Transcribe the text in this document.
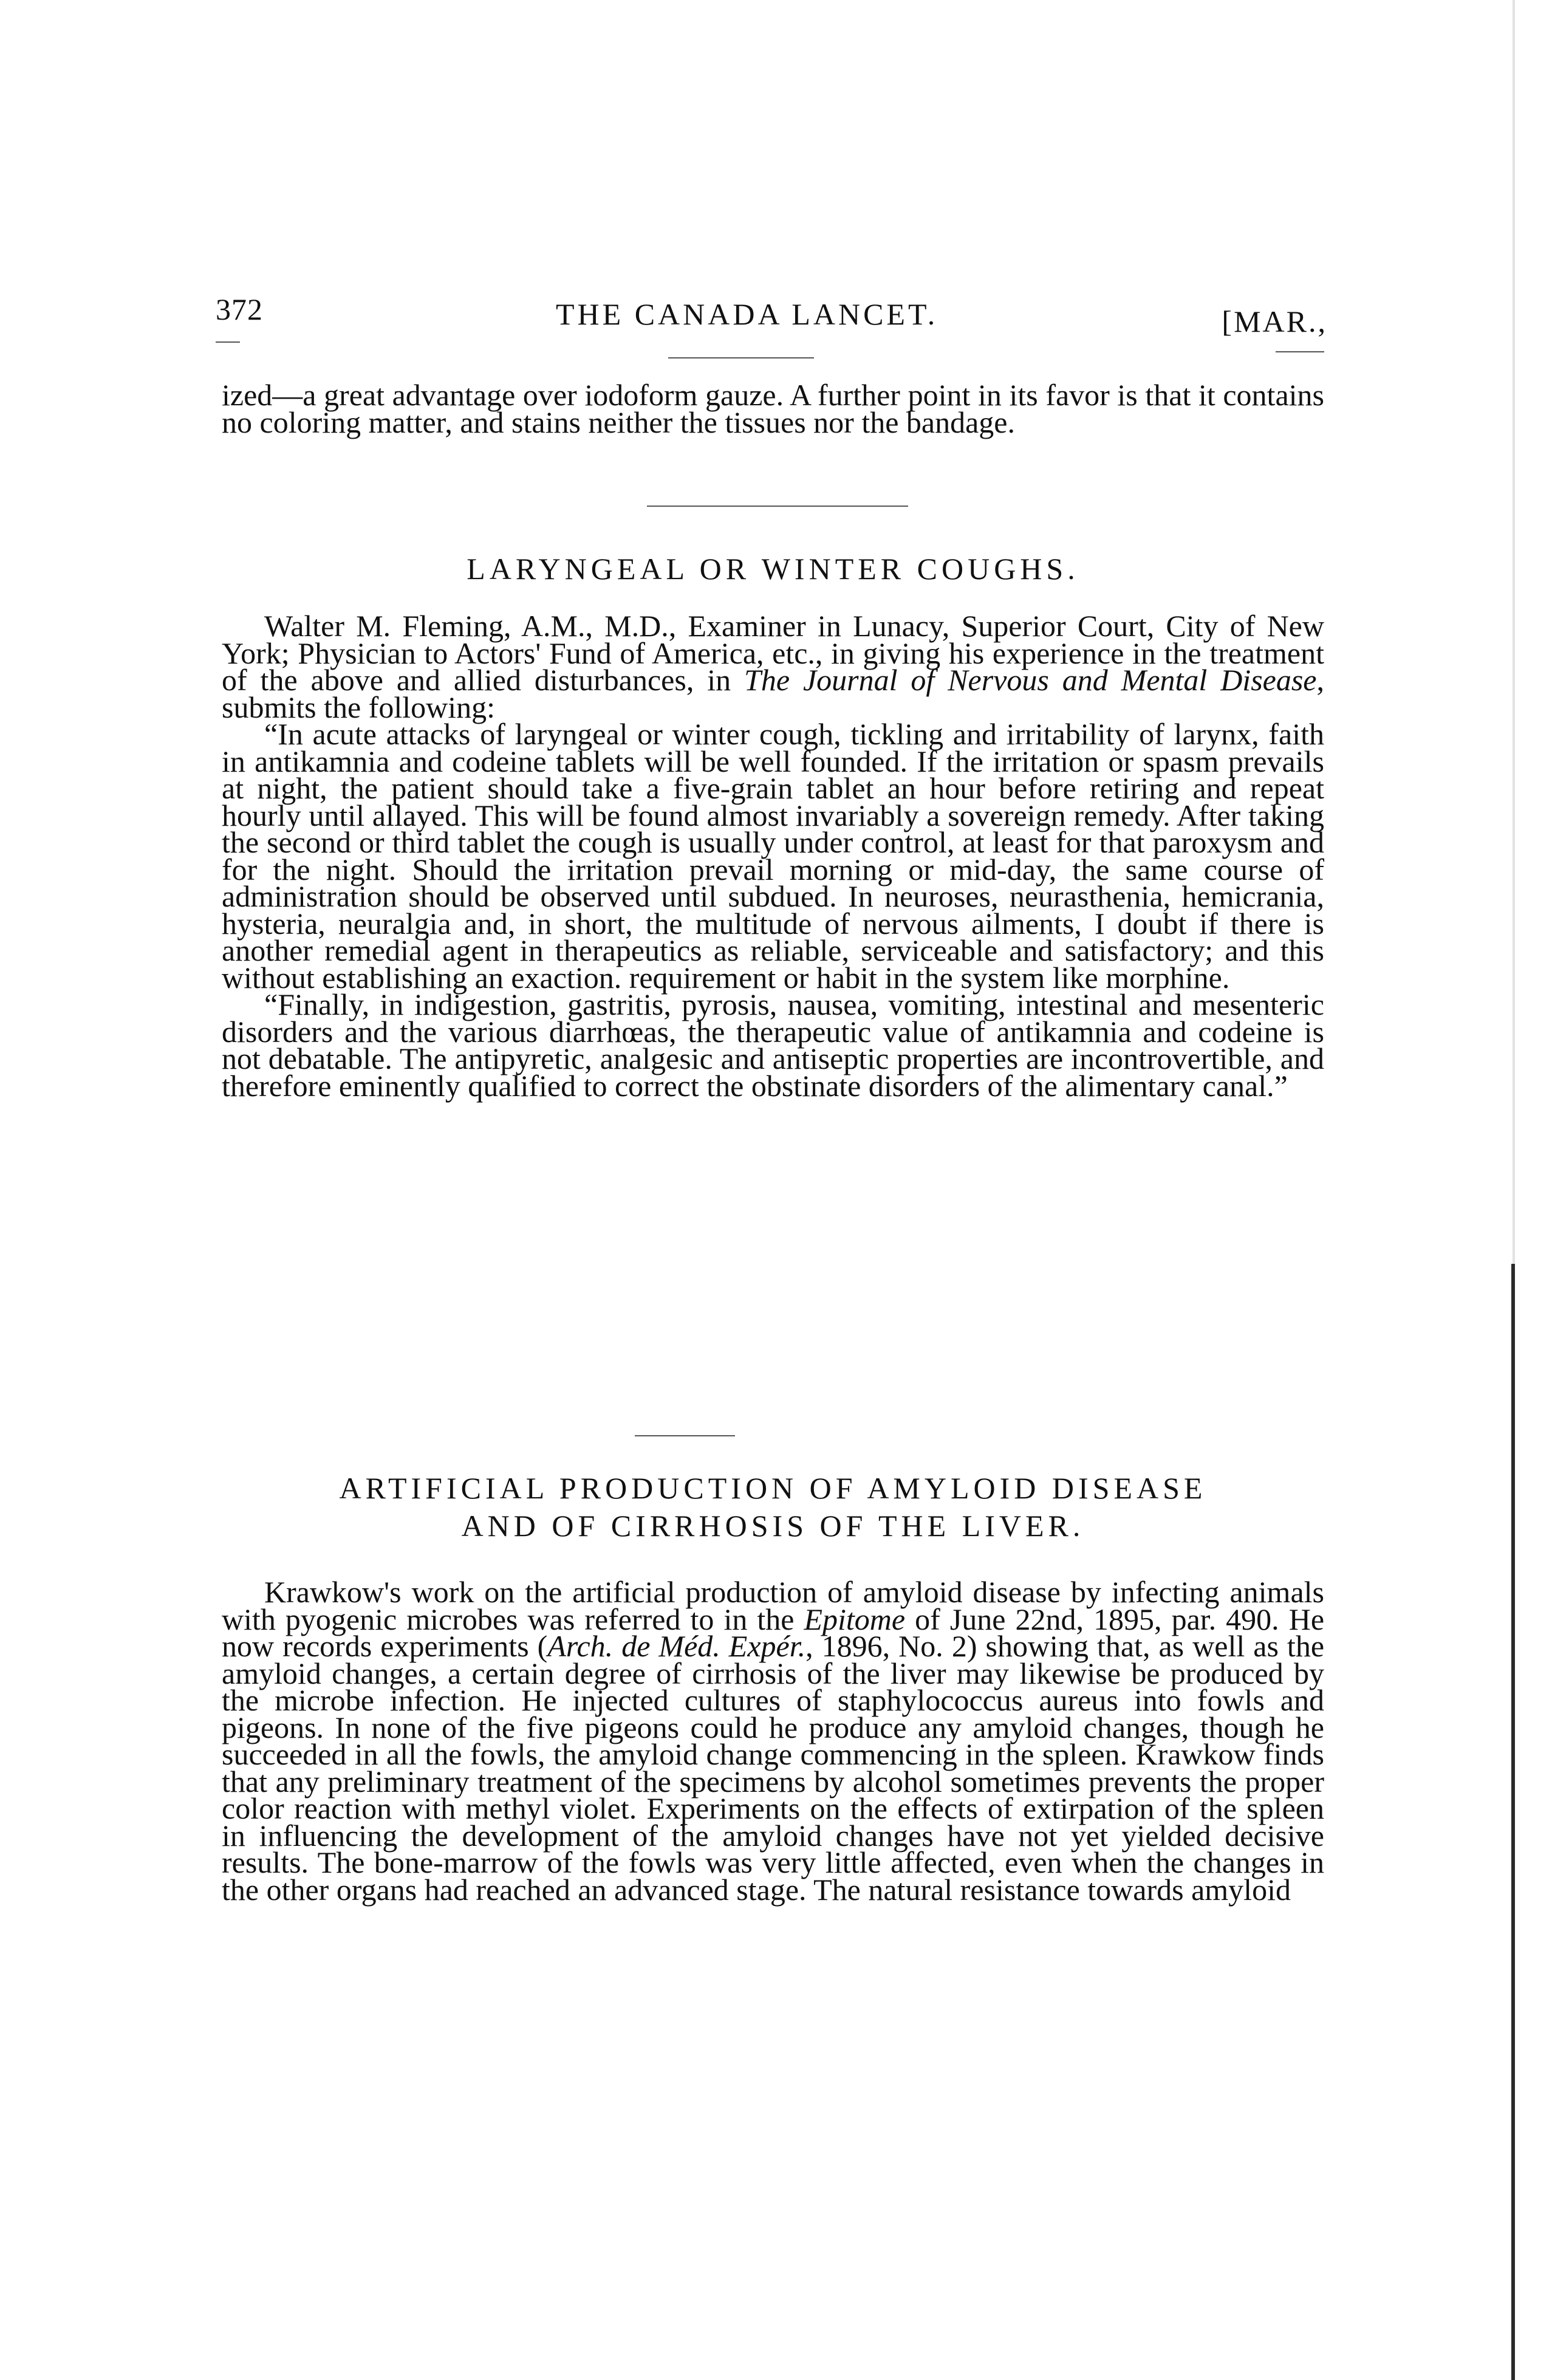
372	THE CANADA LANCET.	[MAR.,

ized—a great advantage over iodoform gauze. A further point in its favor is that it contains no coloring matter, and stains neither the tissues nor the bandage.

LARYNGEAL OR WINTER COUGHS.

Walter M. Fleming, A.M., M.D., Examiner in Lunacy, Superior Court, City of New York; Physician to Actors' Fund of America, etc., in giving his experience in the treatment of the above and allied disturbances, in The Journal of Nervous and Mental Disease, submits the following:

“In acute attacks of laryngeal or winter cough, tickling and irritability of larynx, faith in antikamnia and codeine tablets will be well founded. If the irritation or spasm prevails at night, the patient should take a five-grain tablet an hour before retiring and repeat hourly until allayed. This will be found almost invariably a sovereign remedy. After taking the second or third tablet the cough is usually under control, at least for that paroxysm and for the night. Should the irritation prevail morning or mid-day, the same course of administration should be observed until subdued. In neuroses, neurasthenia, hemicrania, hysteria, neuralgia and, in short, the multitude of nervous ailments, I doubt if there is another remedial agent in therapeutics as reliable, serviceable and satisfactory; and this without establishing an exaction. requirement or habit in the system like morphine.

“Finally, in indigestion, gastritis, pyrosis, nausea, vomiting, intestinal and mesenteric disorders and the various diarrhœas, the therapeutic value of antikamnia and codeine is not debatable. The antipyretic, analgesic and antiseptic properties are incontrovertible, and therefore eminently qualified to correct the obstinate disorders of the alimentary canal.”

ARTIFICIAL PRODUCTION OF AMYLOID DISEASE
AND OF CIRRHOSIS OF THE LIVER.

Krawkow's work on the artificial production of amyloid disease by infecting animals with pyogenic microbes was referred to in the Epitome of June 22nd, 1895, par. 490. He now records experiments (Arch. de Méd. Expér., 1896, No. 2) showing that, as well as the amyloid changes, a certain degree of cirrhosis of the liver may likewise be produced by the microbe infection. He injected cultures of staphylococcus aureus into fowls and pigeons. In none of the five pigeons could he produce any amyloid changes, though he succeeded in all the fowls, the amyloid change commencing in the spleen. Krawkow finds that any preliminary treatment of the specimens by alcohol sometimes prevents the proper color reaction with methyl violet. Experiments on the effects of extirpation of the spleen in influencing the development of the amyloid changes have not yet yielded decisive results. The bone-marrow of the fowls was very little affected, even when the changes in the other organs had reached an advanced stage. The natural resistance towards amyloid
